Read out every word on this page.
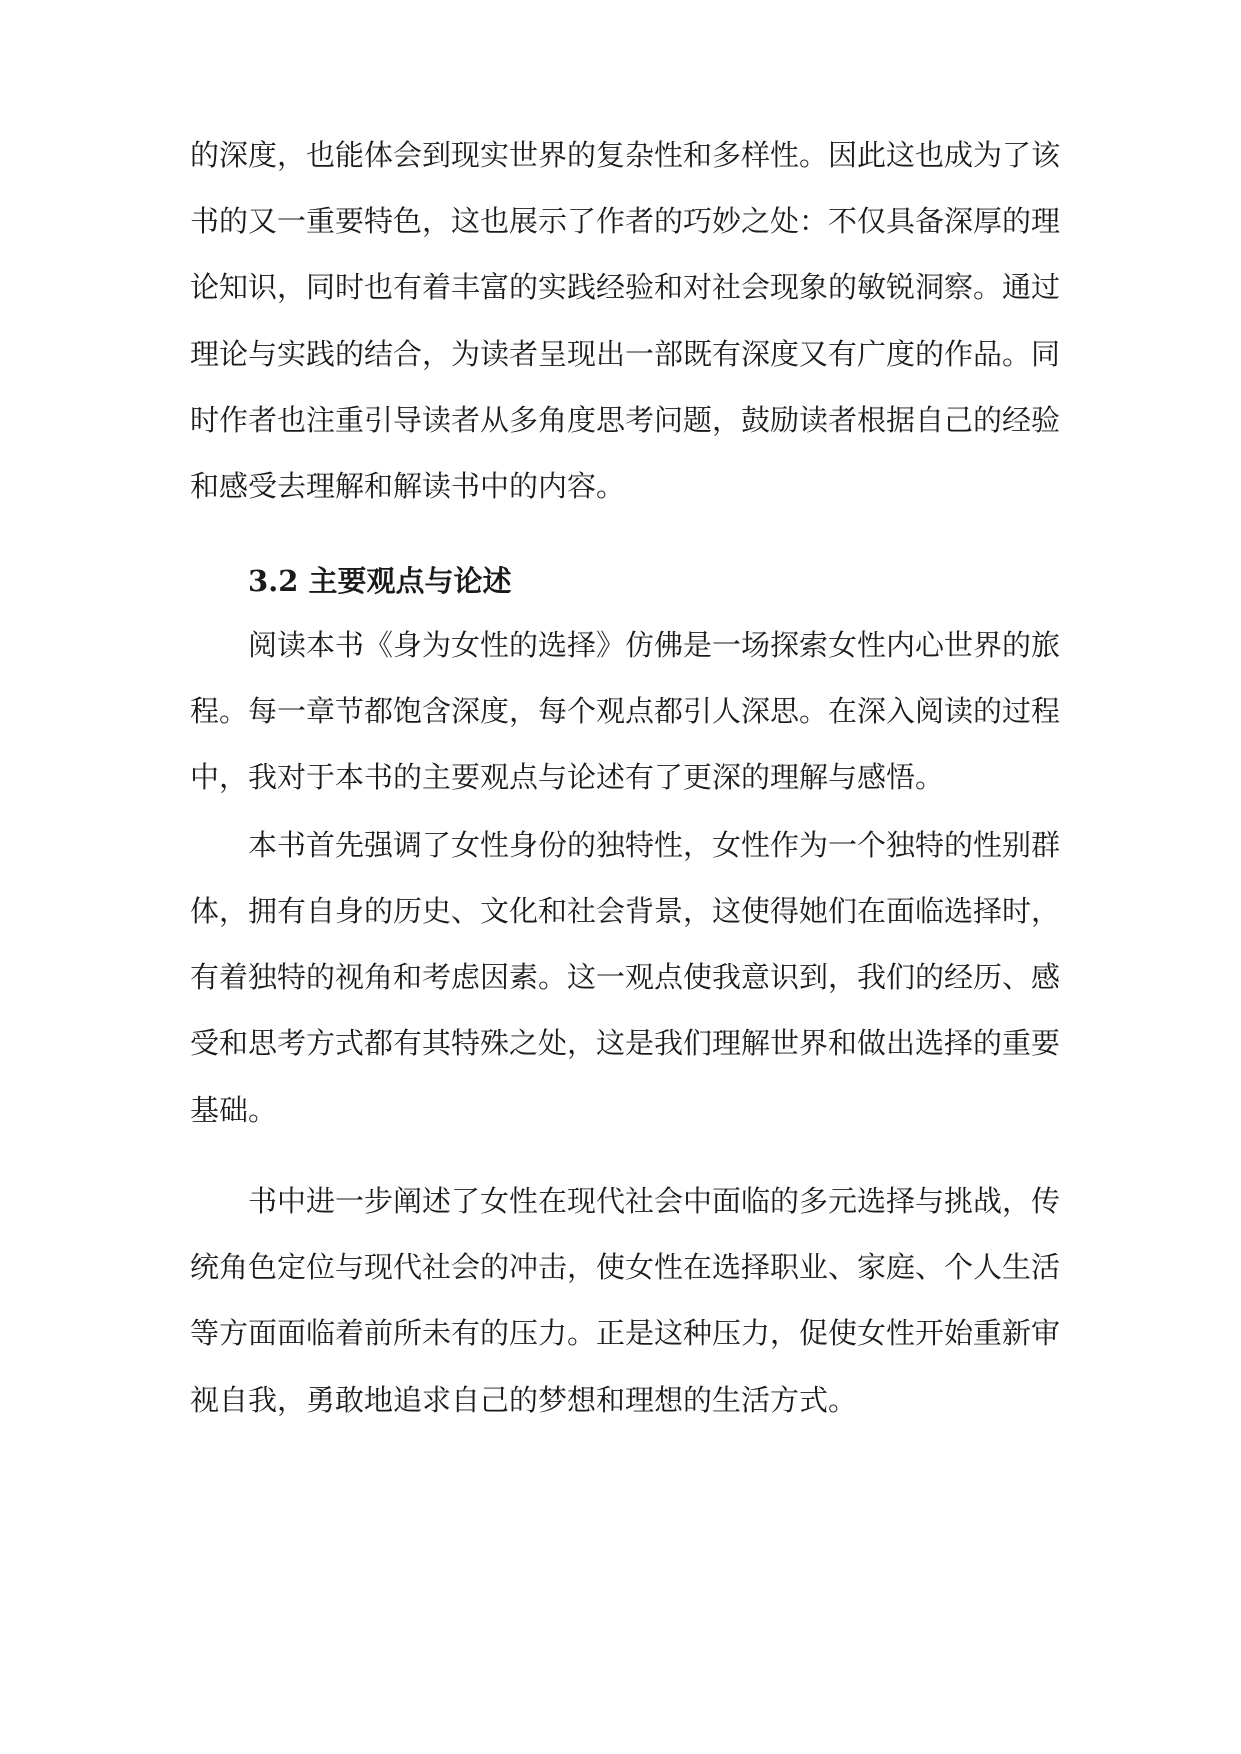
的深度，也能体会到现实世界的复杂性和多样性。因此这也成为了该
书的又一重要特色，这也展示了作者的巧妙之处：不仅具备深厚的理
论知识，同时也有着丰富的实践经验和对社会现象的敏锐洞察。通过
理论与实践的结合，为读者呈现出一部既有深度又有广度的作品。同
时作者也注重引导读者从多角度思考问题，鼓励读者根据自己的经验
和感受去理解和解读书中的内容。
3.2 主要观点与论述
阅读本书《身为女性的选择》仿佛是一场探索女性内心世界的旅
程。每一章节都饱含深度，每个观点都引人深思。在深入阅读的过程
中，我对于本书的主要观点与论述有了更深的理解与感悟。
本书首先强调了女性身份的独特性，女性作为一个独特的性别群
体，拥有自身的历史、文化和社会背景，这使得她们在面临选择时，
有着独特的视角和考虑因素。这一观点使我意识到，我们的经历、感
受和思考方式都有其特殊之处，这是我们理解世界和做出选择的重要
基础。
书中进一步阐述了女性在现代社会中面临的多元选择与挑战，传
统角色定位与现代社会的冲击，使女性在选择职业、家庭、个人生活
等方面面临着前所未有的压力。正是这种压力，促使女性开始重新审
视自我，勇敢地追求自己的梦想和理想的生活方式。
